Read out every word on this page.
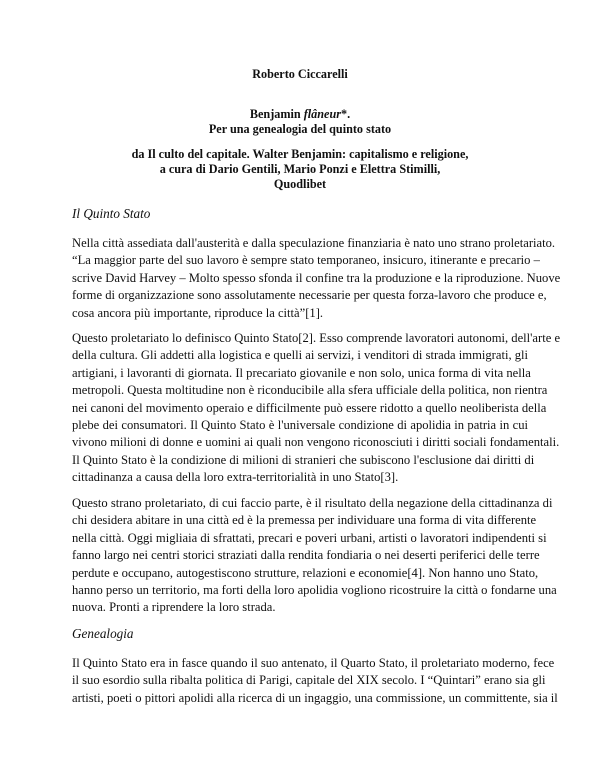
Roberto Ciccarelli
Benjamin flâneur*.
Per una genealogia del quinto stato
da Il culto del capitale. Walter Benjamin: capitalismo e religione,
a cura di Dario Gentili, Mario Ponzi e Elettra Stimilli,
Quodlibet
Il Quinto Stato
Nella città assediata dall'austerità e dalla speculazione finanziaria è nato uno strano proletariato.
“La maggior parte del suo lavoro è sempre stato temporaneo, insicuro, itinerante e precario –
scrive David Harvey – Molto spesso sfonda il confine tra la produzione e la riproduzione. Nuove
forme di organizzazione sono assolutamente necessarie per questa forza-lavoro che produce e,
cosa ancora più importante, riproduce la città”[1].
Questo proletariato lo definisco Quinto Stato[2]. Esso comprende lavoratori autonomi, dell'arte e
della cultura. Gli addetti alla logistica e quelli ai servizi, i venditori di strada immigrati, gli
artigiani, i lavoranti di giornata. Il precariato giovanile e non solo, unica forma di vita nella
metropoli. Questa moltitudine non è riconducibile alla sfera ufficiale della politica, non rientra
nei canoni del movimento operaio e difficilmente può essere ridotto a quello neoliberista della
plebe dei consumatori. Il Quinto Stato è l'universale condizione di apolidia in patria in cui
vivono milioni di donne e uomini ai quali non vengono riconosciuti i diritti sociali fondamentali.
Il Quinto Stato è la condizione di milioni di stranieri che subiscono l'esclusione dai diritti di
cittadinanza a causa della loro extra-territorialità in uno Stato[3].
Questo strano proletariato, di cui faccio parte, è il risultato della negazione della cittadinanza di
chi desidera abitare in una città ed è la premessa per individuare una forma di vita differente
nella città. Oggi migliaia di sfrattati, precari e poveri urbani, artisti o lavoratori indipendenti si
fanno largo nei centri storici straziati dalla rendita fondiaria o nei deserti periferici delle terre
perdute e occupano, autogestiscono strutture, relazioni e economie[4]. Non hanno uno Stato,
hanno perso un territorio, ma forti della loro apolidia vogliono ricostruire la città o fondarne una
nuova. Pronti a riprendere la loro strada.
Genealogia
Il Quinto Stato era in fasce quando il suo antenato, il Quarto Stato, il proletariato moderno, fece
il suo esordio sulla ribalta politica di Parigi, capitale del XIX secolo. I “Quintari” erano sia gli
artisti, poeti o pittori apolidi alla ricerca di un ingaggio, una commissione, un committente, sia il
